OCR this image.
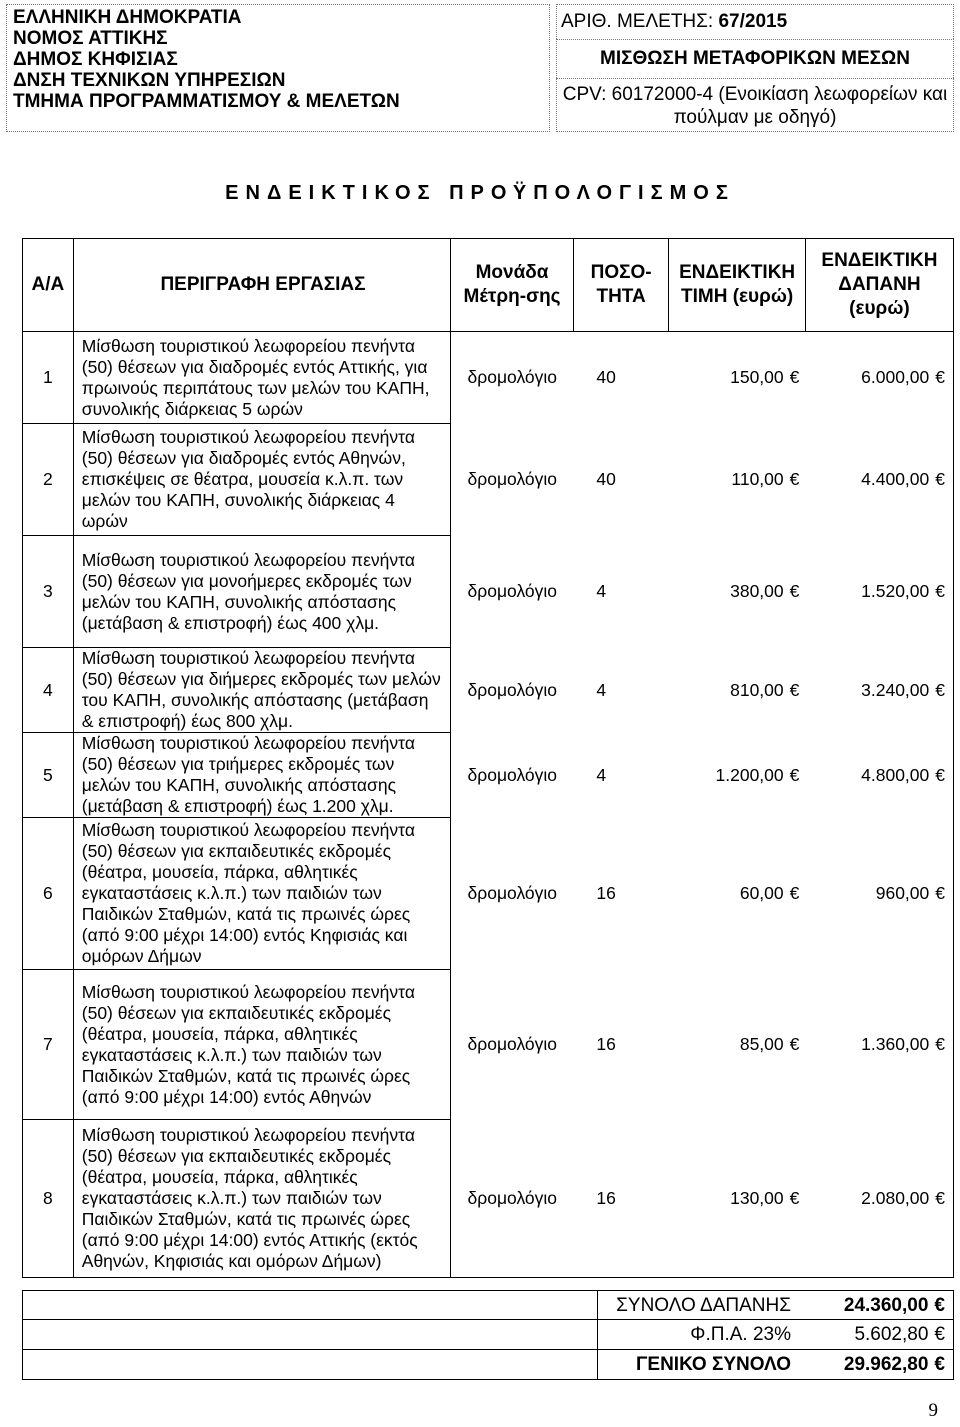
ΕΛΛΗΝΙΚΗ ΔΗΜΟΚΡΑΤΙΑ
ΝΟΜΟΣ ΑΤΤΙΚΗΣ
ΔΗΜΟΣ ΚΗΦΙΣΙΑΣ
ΔΝΣΗ ΤΕΧΝΙΚΩΝ ΥΠΗΡΕΣΙΩΝ
ΤΜΗΜΑ ΠΡΟΓΡΑΜΜΑΤΙΣΜΟΥ & ΜΕΛΕΤΩΝ
ΑΡΙΘ. ΜΕΛΕΤΗΣ: 67/2015
ΜΙΣΘΩΣΗ ΜΕΤΑΦΟΡΙΚΩΝ ΜΕΣΩΝ
CPV: 60172000-4 (Ενοικίαση λεωφορείων και
πούλμαν με οδηγό)
ΕΝΔΕΙΚΤΙΚΟΣ ΠΡΟΫΠΟΛΟΓΙΣΜΟΣ
Α/Α	ΠΕΡΙΓΡΑΦΗ ΕΡΓΑΣΙΑΣ	Μονάδα Μέτρη-σης	ΠΟΣΟ-ΤΗΤΑ	ΕΝΔΕΙΚΤΙΚΗ ΤΙΜΗ (ευρώ)	ΕΝΔΕΙΚΤΙΚΗ ΔΑΠΑΝΗ (ευρώ)
1	Μίσθωση τουριστικού λεωφορείου πενήντα (50) θέσεων για διαδρομές εντός Αττικής, για πρωινούς περιπάτους των μελών του ΚΑΠΗ, συνολικής διάρκειας 5 ωρών	δρομολόγιο	40	150,00 €	6.000,00 €
2	Μίσθωση τουριστικού λεωφορείου πενήντα (50) θέσεων για διαδρομές εντός Αθηνών, επισκέψεις σε θέατρα, μουσεία κ.λ.π. των μελών του ΚΑΠΗ, συνολικής διάρκειας 4 ωρών	δρομολόγιο	40	110,00 €	4.400,00 €
3	Μίσθωση τουριστικού λεωφορείου πενήντα (50) θέσεων για μονοήμερες εκδρομές των μελών του ΚΑΠΗ, συνολικής απόστασης (μετάβαση & επιστροφή) έως 400 χλμ.	δρομολόγιο	4	380,00 €	1.520,00 €
4	Μίσθωση τουριστικού λεωφορείου πενήντα (50) θέσεων για διήμερες εκδρομές των μελών του ΚΑΠΗ, συνολικής απόστασης (μετάβαση & επιστροφή) έως 800 χλμ.	δρομολόγιο	4	810,00 €	3.240,00 €
5	Μίσθωση τουριστικού λεωφορείου πενήντα (50) θέσεων για τριήμερες εκδρομές των μελών του ΚΑΠΗ, συνολικής απόστασης (μετάβαση & επιστροφή) έως 1.200 χλμ.	δρομολόγιο	4	1.200,00 €	4.800,00 €
6	Μίσθωση τουριστικού λεωφορείου πενήντα (50) θέσεων για εκπαιδευτικές εκδρομές (θέατρα, μουσεία, πάρκα, αθλητικές εγκαταστάσεις κ.λ.π.) των παιδιών των Παιδικών Σταθμών, κατά τις πρωινές ώρες (από 9:00 μέχρι 14:00) εντός Κηφισιάς και ομόρων Δήμων	δρομολόγιο	16	60,00 €	960,00 €
7	Μίσθωση τουριστικού λεωφορείου πενήντα (50) θέσεων για εκπαιδευτικές εκδρομές (θέατρα, μουσεία, πάρκα, αθλητικές εγκαταστάσεις κ.λ.π.) των παιδιών των Παιδικών Σταθμών, κατά τις πρωινές ώρες (από 9:00 μέχρι 14:00) εντός Αθηνών	δρομολόγιο	16	85,00 €	1.360,00 €
8	Μίσθωση τουριστικού λεωφορείου πενήντα (50) θέσεων για εκπαιδευτικές εκδρομές (θέατρα, μουσεία, πάρκα, αθλητικές εγκαταστάσεις κ.λ.π.) των παιδιών των Παιδικών Σταθμών, κατά τις πρωινές ώρες (από 9:00 μέχρι 14:00) εντός Αττικής (εκτός Αθηνών, Κηφισιάς και ομόρων Δήμων)	δρομολόγιο	16	130,00 €	2.080,00 €
ΣΥΝΟΛΟ ΔΑΠΑΝΗΣ	24.360,00 €
Φ.Π.Α. 23%	5.602,80 €
ΓΕΝΙΚΟ ΣΥΝΟΛΟ	29.962,80 €
9
